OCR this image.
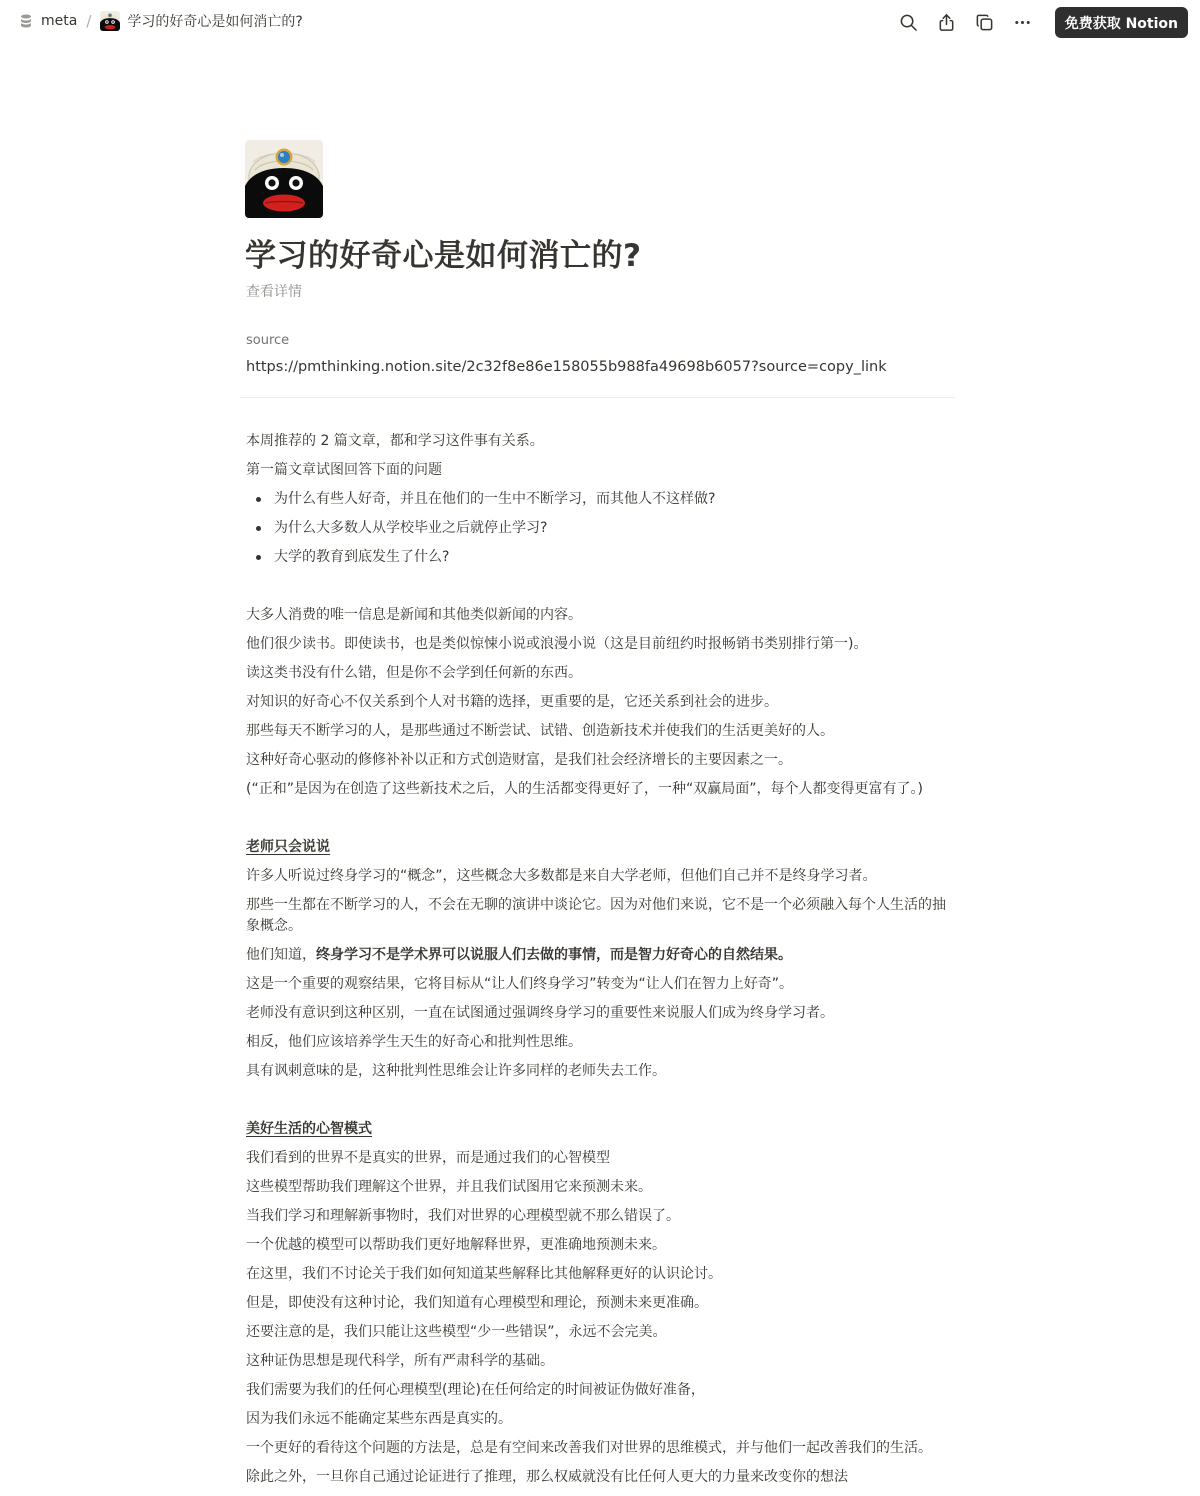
meta /	学习的好奇心是如何消亡的?	免费获取 Notion
学习的好奇心是如何消亡的?
查看详情
source
https://pmthinking.notion.site/2c32f8e86e158055b988fa49698b6057?source=copy_link

本周推荐的 2 篇文章，都和学习这件事有关系。

第一篇文章试图回答下面的问题

为什么有些人好奇，并且在他们的一生中不断学习，而其他人不这样做?
为什么大多数人从学校毕业之后就停止学习?
大学的教育到底发生了什么?

大多人消费的唯一信息是新闻和其他类似新闻的内容。

他们很少读书。即使读书，也是类似惊悚小说或浪漫小说（这是目前纽约时报畅销书类别排行第一)。

读这类书没有什么错，但是你不会学到任何新的东西。

对知识的好奇心不仅关系到个人对书籍的选择，更重要的是，它还关系到社会的进步。

那些每天不断学习的人，是那些通过不断尝试、试错、创造新技术并使我们的生活更美好的人。

这种好奇心驱动的修修补补以正和方式创造财富，是我们社会经济增长的主要因素之一。

(“正和”是因为在创造了这些新技术之后，人的生活都变得更好了，一种“双赢局面”，每个人都变得更富有了。)

老师只会说说

许多人听说过终身学习的“概念”，这些概念大多数都是来自大学老师，但他们自己并不是终身学习者。

那些一生都在不断学习的人，不会在无聊的演讲中谈论它。因为对他们来说，它不是一个必须融入每个人生活的抽象概念。

他们知道，终身学习不是学术界可以说服人们去做的事情，而是智力好奇心的自然结果。

这是一个重要的观察结果，它将目标从“让人们终身学习”转变为“让人们在智力上好奇”。

老师没有意识到这种区别，一直在试图通过强调终身学习的重要性来说服人们成为终身学习者。

相反，他们应该培养学生天生的好奇心和批判性思维。

具有讽刺意味的是，这种批判性思维会让许多同样的老师失去工作。

美好生活的心智模式

我们看到的世界不是真实的世界，而是通过我们的心智模型

这些模型帮助我们理解这个世界，并且我们试图用它来预测未来。

当我们学习和理解新事物时，我们对世界的心理模型就不那么错误了。

一个优越的模型可以帮助我们更好地解释世界，更准确地预测未来。

在这里，我们不讨论关于我们如何知道某些解释比其他解释更好的认识论讨。

但是，即使没有这种讨论，我们知道有心理模型和理论，预测未来更准确。

还要注意的是，我们只能让这些模型“少一些错误”，永远不会完美。

这种证伪思想是现代科学，所有严肃科学的基础。

我们需要为我们的任何心理模型(理论)在任何给定的时间被证伪做好准备，

因为我们永远不能确定某些东西是真实的。

一个更好的看待这个问题的方法是，总是有空间来改善我们对世界的思维模式，并与他们一起改善我们的生活。

除此之外，一旦你自己通过论证进行了推理，那么权威就没有比任何人更大的力量来改变你的想法
